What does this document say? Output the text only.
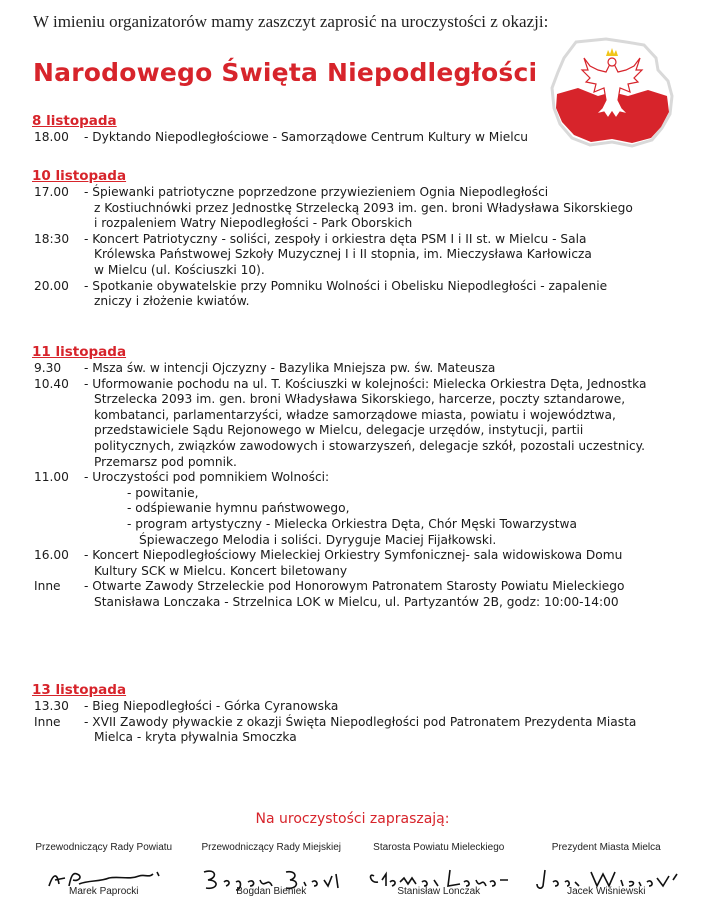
W imieniu organizatorów mamy zaszczyt zaprosić na uroczystości z okazji:
Narodowego Święta Niepodległości
8 listopada
18.00	- Dyktando Niepodległościowe - Samorządowe Centrum Kultury w Mielcu
10 listopada
17.00	- Śpiewanki patriotyczne poprzedzone przywiezieniem Ognia Niepodległości
z Kostiuchnówki przez Jednostkę Strzelecką 2093 im. gen. broni Władysława Sikorskiego
i rozpaleniem Watry Niepodległości - Park Oborskich
18:30	- Koncert Patriotyczny - soliści, zespoły i orkiestra dęta PSM I i II st. w Mielcu - Sala
Królewska Państwowej Szkoły Muzycznej I i II stopnia, im. Mieczysława Karłowicza
w Mielcu (ul. Kościuszki 10).
20.00	- Spotkanie obywatelskie przy Pomniku Wolności i Obelisku Niepodległości - zapalenie
zniczy i złożenie kwiatów.
11 listopada
9.30	- Msza św. w intencji Ojczyzny - Bazylika Mniejsza pw. św. Mateusza
10.40	- Uformowanie pochodu na ul. T. Kościuszki w kolejności: Mielecka Orkiestra Dęta, Jednostka
Strzelecka 2093 im. gen. broni Władysława Sikorskiego, harcerze, poczty sztandarowe,
kombatanci, parlamentarzyści, władze samorządowe miasta, powiatu i województwa,
przedstawiciele Sądu Rejonowego w Mielcu, delegacje urzędów, instytucji, partii
politycznych, związków zawodowych i stowarzyszeń, delegacje szkół, pozostali uczestnicy.
Przemarsz pod pomnik.
11.00	- Uroczystości pod pomnikiem Wolności:
- powitanie,
- odśpiewanie hymnu państwowego,
- program artystyczny - Mielecka Orkiestra Dęta, Chór Męski Towarzystwa
Śpiewaczego Melodia i soliści. Dyryguje Maciej Fijałkowski.
16.00	- Koncert Niepodległościowy Mieleckiej Orkiestry Symfonicznej- sala widowiskowa Domu
Kultury SCK w Mielcu. Koncert biletowany
Inne	- Otwarte Zawody Strzeleckie pod Honorowym Patronatem Starosty Powiatu Mieleckiego
Stanisława Lonczaka - Strzelnica LOK w Mielcu, ul. Partyzantów 2B, godz: 10:00-14:00
13 listopada
13.30	- Bieg Niepodległości - Górka Cyranowska
Inne	- XVII Zawody pływackie z okazji Święta Niepodległości pod Patronatem Prezydenta Miasta
Mielca - kryta pływalnia Smoczka
Na uroczystości zapraszają:
Przewodniczący Rady Powiatu
Marek Paprocki
Przewodniczący Rady Miejskiej
Bogdan Bieniek
Starosta Powiatu Mieleckiego
Stanisław Lonczak
Prezydent Miasta Mielca
Jacek Wiśniewski
